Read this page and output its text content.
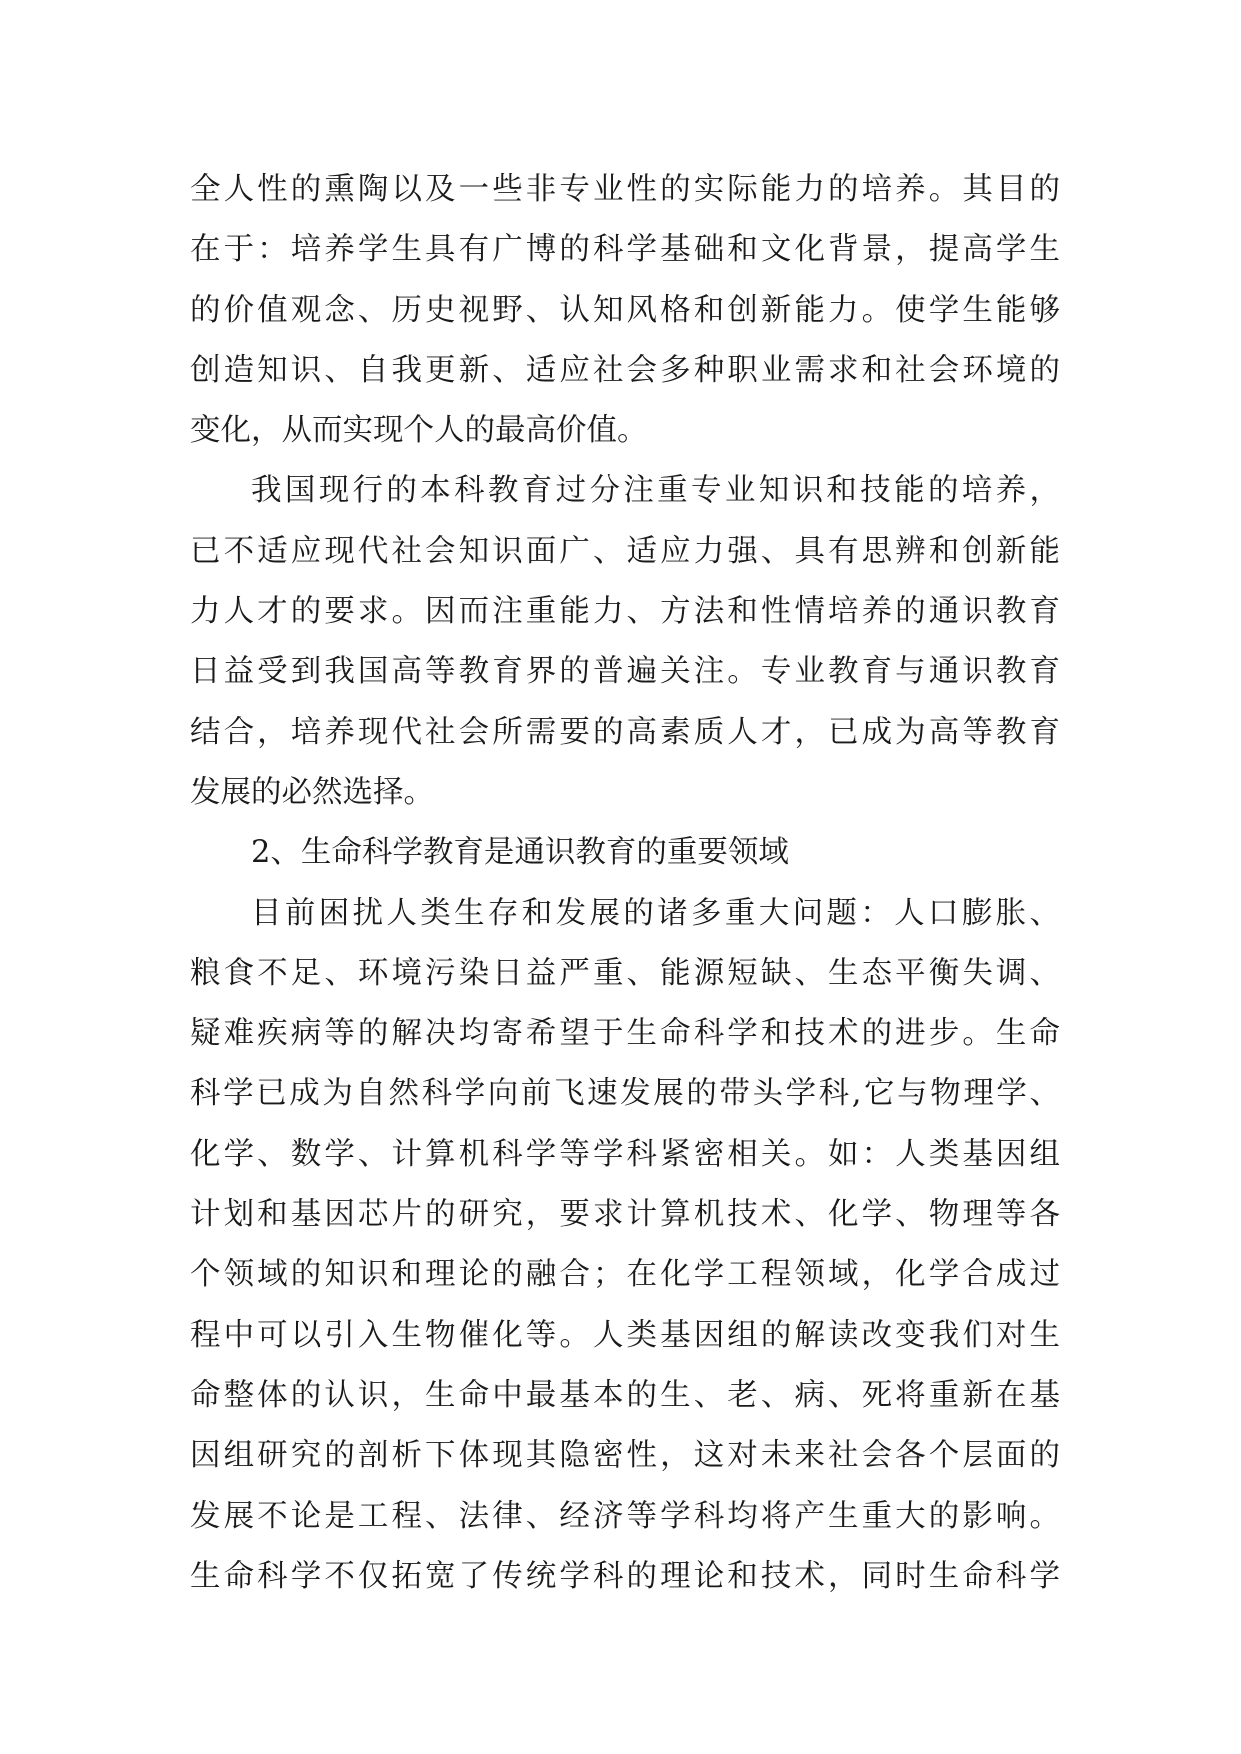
全人性的熏陶以及一些非专业性的实际能力的培养。其目的
在于：培养学生具有广博的科学基础和文化背景，提高学生
的价值观念、历史视野、认知风格和创新能力。使学生能够
创造知识、自我更新、适应社会多种职业需求和社会环境的
变化，从而实现个人的最高价值。
我国现行的本科教育过分注重专业知识和技能的培养，
已不适应现代社会知识面广、适应力强、具有思辨和创新能
力人才的要求。因而注重能力、方法和性情培养的通识教育
日益受到我国高等教育界的普遍关注。专业教育与通识教育
结合，培养现代社会所需要的高素质人才，已成为高等教育
发展的必然选择。
2、生命科学教育是通识教育的重要领域
目前困扰人类生存和发展的诸多重大问题：人口膨胀、
粮食不足、环境污染日益严重、能源短缺、生态平衡失调、
疑难疾病等的解决均寄希望于生命科学和技术的进步。生命
科学已成为自然科学向前飞速发展的带头学科,它与物理学、
化学、数学、计算机科学等学科紧密相关。如：人类基因组
计划和基因芯片的研究，要求计算机技术、化学、物理等各
个领域的知识和理论的融合；在化学工程领域，化学合成过
程中可以引入生物催化等。人类基因组的解读改变我们对生
命整体的认识，生命中最基本的生、老、病、死将重新在基
因组研究的剖析下体现其隐密性，这对未来社会各个层面的
发展不论是工程、法律、经济等学科均将产生重大的影响。
生命科学不仅拓宽了传统学科的理论和技术，同时生命科学
